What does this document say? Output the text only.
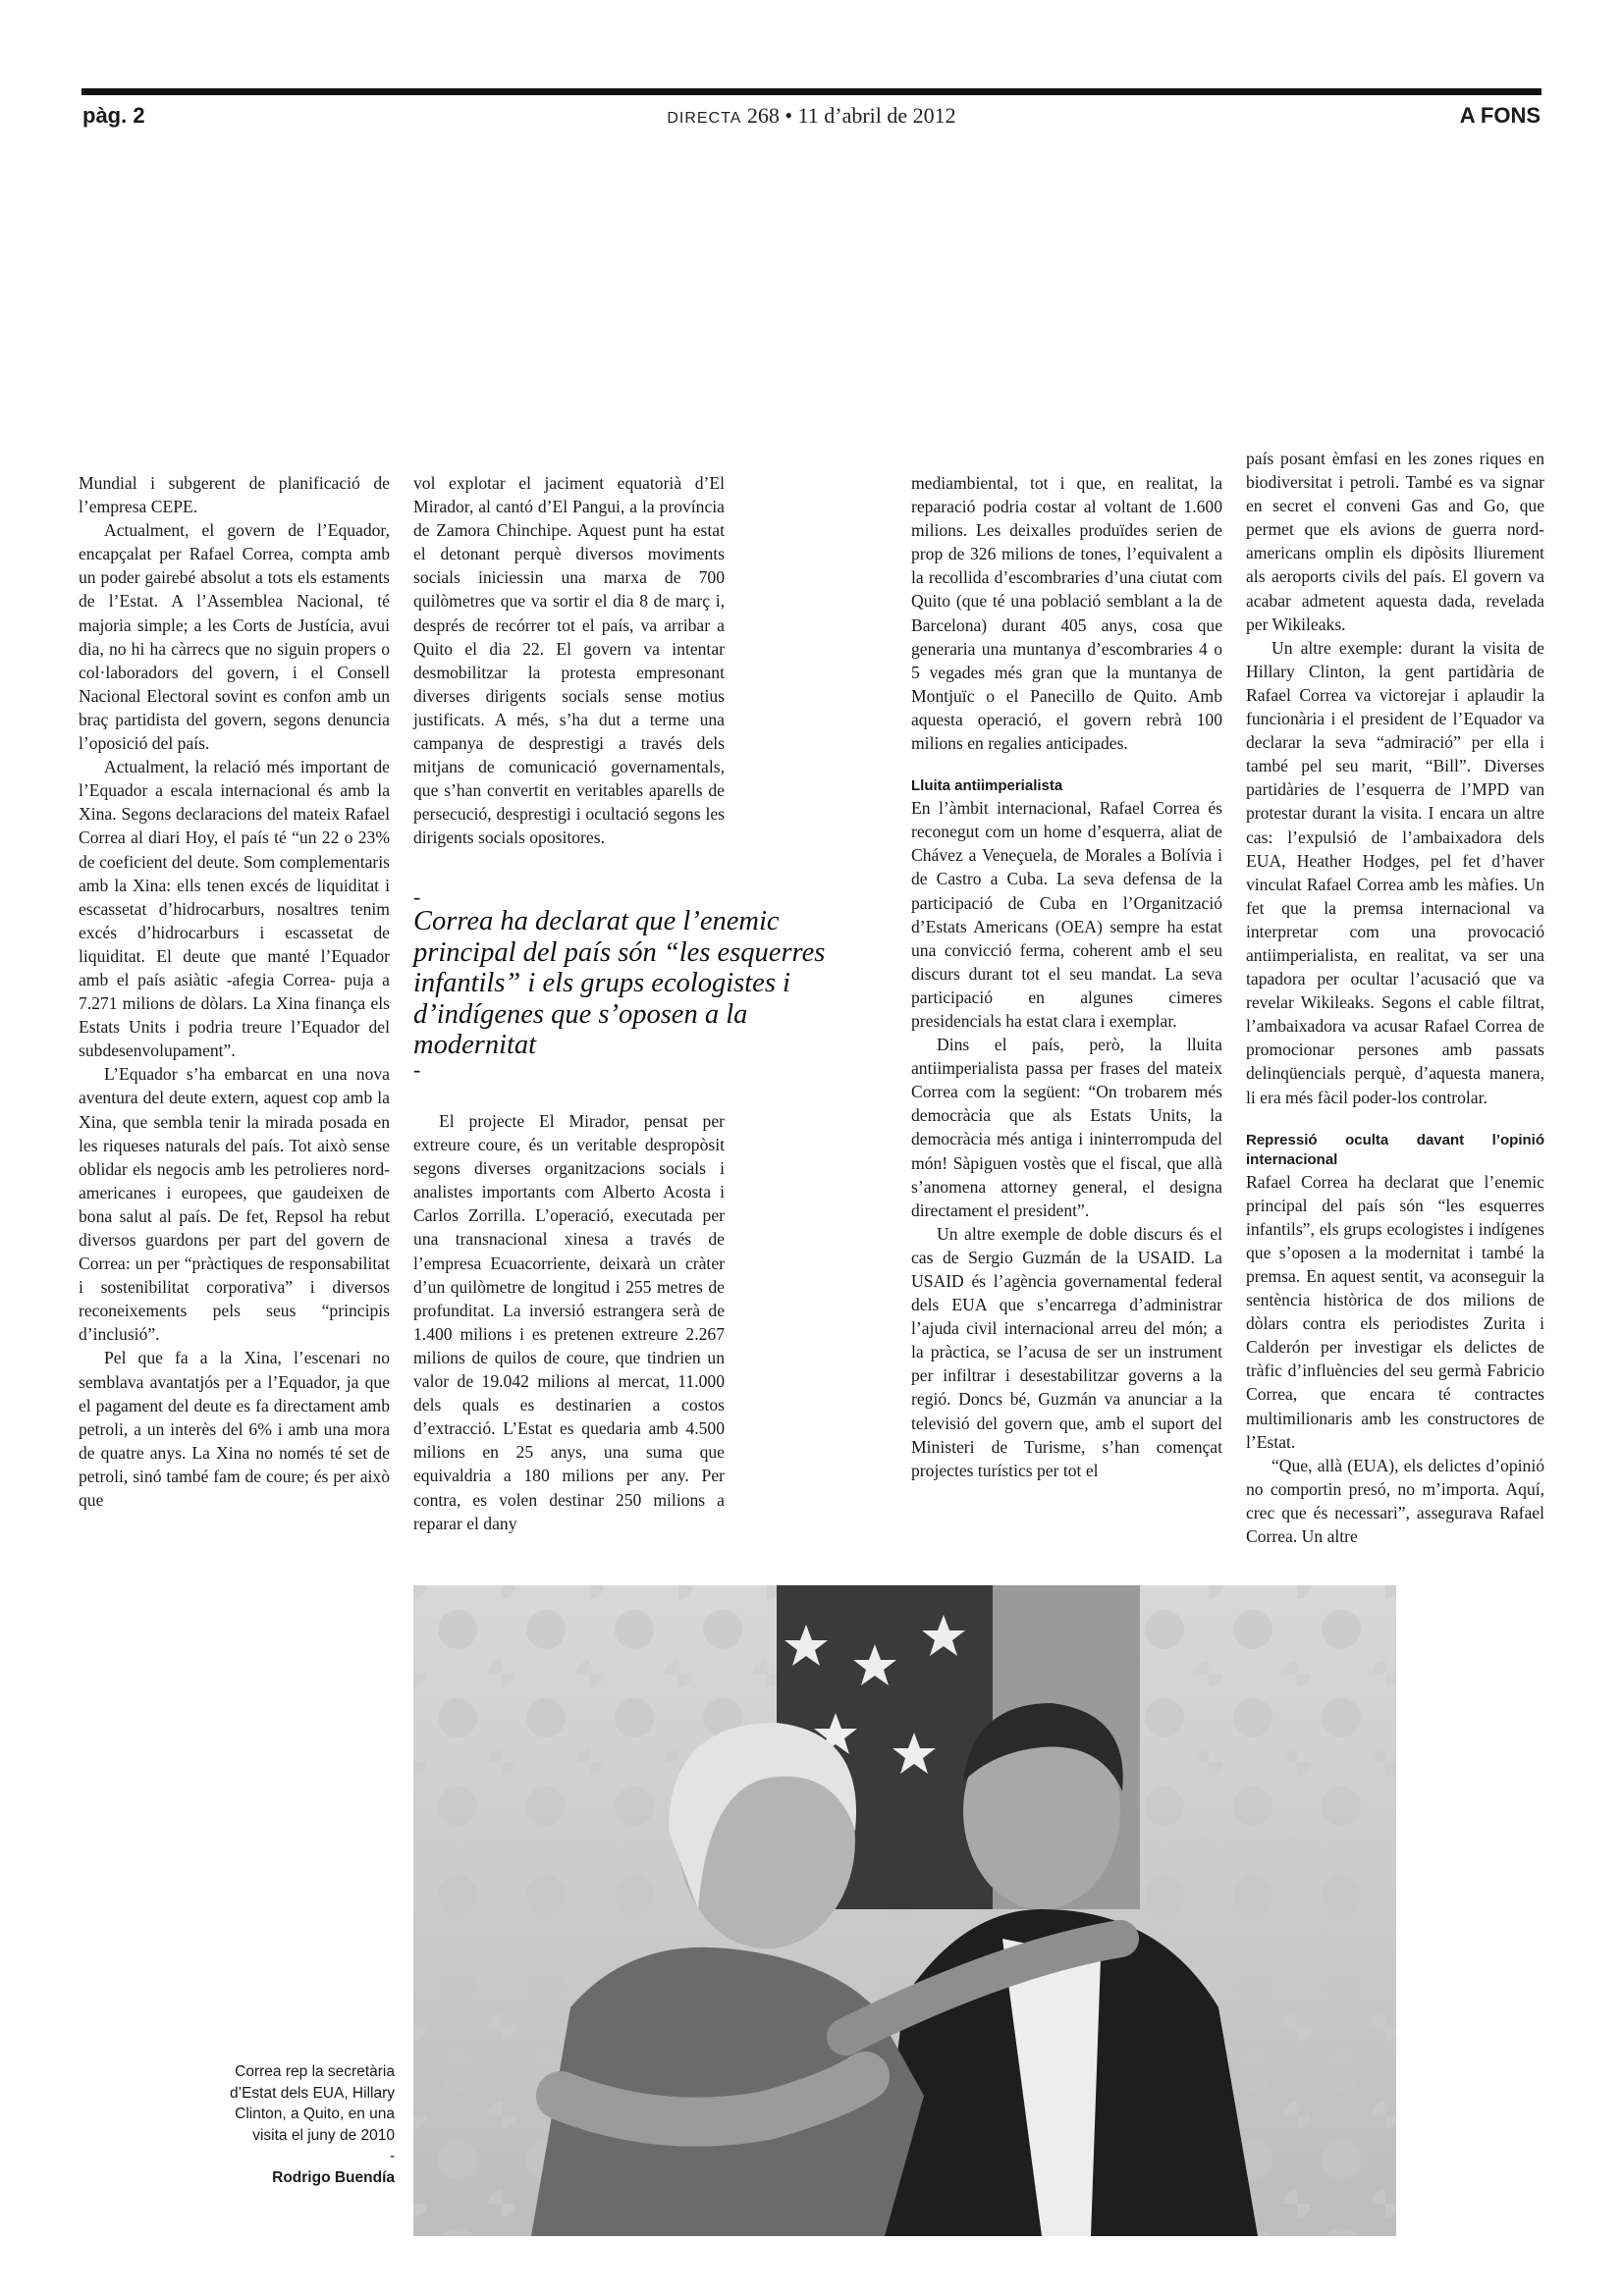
pàg. 2	DIRECTA 268 • 11 d’abril de 2012	A FONS

Mundial i subgerent de planificació de l’empresa CEPE.

Actualment, el govern de l’Equador, encapçalat per Rafael Correa, compta amb un poder gairebé absolut a tots els estaments de l’Estat. A l’Assemblea Nacional, té majoria simple; a les Corts de Justícia, avui dia, no hi ha càrrecs que no siguin propers o col·laboradors del govern, i el Consell Nacional Electoral sovint es confon amb un braç partidista del govern, segons denuncia l’oposició del país.

Actualment, la relació més important de l’Equador a escala internacional és amb la Xina. Segons declaracions del mateix Rafael Correa al diari Hoy, el país té “un 22 o 23% de coeficient del deute. Som complementaris amb la Xina: ells tenen excés de liquiditat i escassetat d’hidrocarburs, nosaltres tenim excés d’hidrocarburs i escassetat de liquiditat. El deute que manté l’Equador amb el país asiàtic -afegia Correa- puja a 7.271 milions de dòlars. La Xina finança els Estats Units i podria treure l’Equador del subdesenvolupament”.

L’Equador s’ha embarcat en una nova aventura del deute extern, aquest cop amb la Xina, que sembla tenir la mirada posada en les riqueses naturals del país. Tot això sense oblidar els negocis amb les petrolieres nord-americanes i europees, que gaudeixen de bona salut al país. De fet, Repsol ha rebut diversos guardons per part del govern de Correa: un per “pràctiques de responsabilitat i sostenibilitat corporativa” i diversos reconeixements pels seus “principis d’inclusió”.

Pel que fa a la Xina, l’escenari no semblava avantatjós per a l’Equador, ja que el pagament del deute es fa directament amb petroli, a un interès del 6% i amb una mora de quatre anys. La Xina no només té set de petroli, sinó també fam de coure; és per això que

vol explotar el jaciment equatorià d’El Mirador, al cantó d’El Pangui, a la província de Zamora Chinchipe. Aquest punt ha estat el detonant perquè diversos moviments socials iniciessin una marxa de 700 quilòmetres que va sortir el dia 8 de març i, després de recórrer tot el país, va arribar a Quito el dia 22. El govern va intentar desmobilitzar la protesta empresonant diverses dirigents socials sense motius justificats. A més, s’ha dut a terme una campanya de desprestigi a través dels mitjans de comunicació governamentals, que s’han convertit en veritables aparells de persecució, desprestigi i ocultació segons les dirigents socials opositores.

-
Correa ha declarat que l’enemic principal del país són “les esquerres infantils” i els grups ecologistes i d’indígenes que s’oposen a la modernitat
-

El projecte El Mirador, pensat per extreure coure, és un veritable despropòsit segons diverses organitzacions socials i analistes importants com Alberto Acosta i Carlos Zorrilla. L’operació, executada per una transnacional xinesa a través de l’empresa Ecuacorriente, deixarà un cràter d’un quilòmetre de longitud i 255 metres de profunditat. La inversió estrangera serà de 1.400 milions i es pretenen extreure 2.267 milions de quilos de coure, que tindrien un valor de 19.042 milions al mercat, 11.000 dels quals es destinarien a costos d’extracció. L’Estat es quedaria amb 4.500 milions en 25 anys, una suma que equivaldria a 180 milions per any. Per contra, es volen destinar 250 milions a reparar el dany

mediambiental, tot i que, en realitat, la reparació podria costar al voltant de 1.600 milions. Les deixalles produïdes serien de prop de 326 milions de tones, l’equivalent a la recollida d’escombraries d’una ciutat com Quito (que té una població semblant a la de Barcelona) durant 405 anys, cosa que generaria una muntanya d’escombraries 4 o 5 vegades més gran que la muntanya de Montjuïc o el Panecillo de Quito. Amb aquesta operació, el govern rebrà 100 milions en regalies anticipades.

Lluita antiimperialista

En l’àmbit internacional, Rafael Correa és reconegut com un home d’esquerra, aliat de Chávez a Veneçuela, de Morales a Bolívia i de Castro a Cuba. La seva defensa de la participació de Cuba en l’Organització d’Estats Americans (OEA) sempre ha estat una convicció ferma, coherent amb el seu discurs durant tot el seu mandat. La seva participació en algunes cimeres presidencials ha estat clara i exemplar.

Dins el país, però, la lluita antiimperialista passa per frases del mateix Correa com la següent: “On trobarem més democràcia que als Estats Units, la democràcia més antiga i ininterrompuda del món! Sàpiguen vostès que el fiscal, que allà s’anomena attorney general, el designa directament el president”.

Un altre exemple de doble discurs és el cas de Sergio Guzmán de la USAID. La USAID és l’agència governamental federal dels EUA que s’encarrega d’administrar l’ajuda civil internacional arreu del món; a la pràctica, se l’acusa de ser un instrument per infiltrar i desestabilitzar governs a la regió. Doncs bé, Guzmán va anunciar a la televisió del govern que, amb el suport del Ministeri de Turisme, s’han començat projectes turístics per tot el

país posant èmfasi en les zones riques en biodiversitat i petroli. També es va signar en secret el conveni Gas and Go, que permet que els avions de guerra nord-americans omplin els dipòsits lliurement als aeroports civils del país. El govern va acabar admetent aquesta dada, revelada per Wikileaks.

Un altre exemple: durant la visita de Hillary Clinton, la gent partidària de Rafael Correa va victorejar i aplaudir la funcionària i el president de l’Equador va declarar la seva “admiració” per ella i també pel seu marit, “Bill”. Diverses partidàries de l’esquerra de l’MPD van protestar durant la visita. I encara un altre cas: l’expulsió de l’ambaixadora dels EUA, Heather Hodges, pel fet d’haver vinculat Rafael Correa amb les màfies. Un fet que la premsa internacional va interpretar com una provocació antiimperialista, en realitat, va ser una tapadora per ocultar l’acusació que va revelar Wikileaks. Segons el cable filtrat, l’ambaixadora va acusar Rafael Correa de promocionar persones amb passats delinqüencials perquè, d’aquesta manera, li era més fàcil poder-los controlar.

Repressió oculta davant l’opinió internacional

Rafael Correa ha declarat que l’enemic principal del país són “les esquerres infantils”, els grups ecologistes i indígenes que s’oposen a la modernitat i també la premsa. En aquest sentit, va aconseguir la sentència històrica de dos milions de dòlars contra els periodistes Zurita i Calderón per investigar els delictes de tràfic d’influències del seu germà Fabricio Correa, que encara té contractes multimilionaris amb les constructores de l’Estat.

“Que, allà (EUA), els delictes d’opinió no comportin presó, no m’importa. Aquí, crec que és necessari”, assegurava Rafael Correa. Un altre

Correa rep la secretària d’Estat dels EUA, Hillary Clinton, a Quito, en una visita el juny de 2010
-
Rodrigo Buendía
